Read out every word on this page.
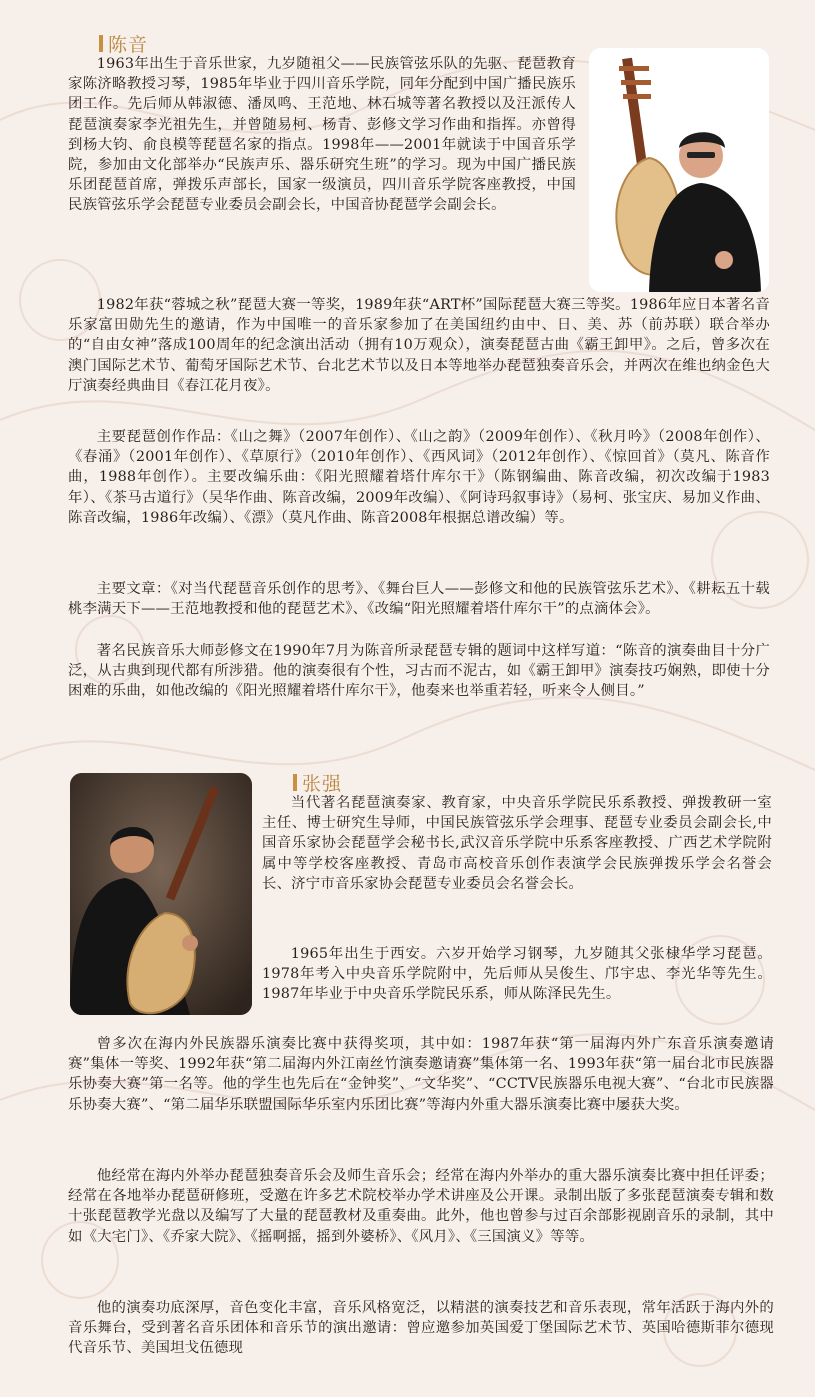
陈音

1963年出生于音乐世家，九岁随祖父——民族管弦乐队的先驱、琵琶教育家陈济略教授习琴，1985年毕业于四川音乐学院，同年分配到中国广播民族乐团工作。先后师从韩淑德、潘凤鸣、王范地、林石城等著名教授以及汪派传人琵琶演奏家李光祖先生，并曾随易柯、杨青、彭修文学习作曲和指挥。亦曾得到杨大钧、俞良模等琵琶名家的指点。1998年——2001年就读于中国音乐学院，参加由文化部举办“民族声乐、器乐研究生班”的学习。现为中国广播民族乐团琵琶首席，弹拨乐声部长，国家一级演员，四川音乐学院客座教授，中国民族管弦乐学会琵琶专业委员会副会长，中国音协琵琶学会副会长。

1982年获“蓉城之秋”琵琶大赛一等奖，1989年获“ART杯”国际琵琶大赛三等奖。1986年应日本著名音乐家富田勋先生的邀请，作为中国唯一的音乐家参加了在美国纽约由中、日、美、苏（前苏联）联合举办的“自由女神”落成100周年的纪念演出活动（拥有10万观众），演奏琵琶古曲《霸王卸甲》。之后，曾多次在澳门国际艺术节、葡萄牙国际艺术节、台北艺术节以及日本等地举办琵琶独奏音乐会，并两次在维也纳金色大厅演奏经典曲目《春江花月夜》。

主要琵琶创作作品：《山之舞》（2007年创作）、《山之韵》（2009年创作）、《秋月吟》（2008年创作）、《春涌》（2001年创作）、《草原行》（2010年创作）、《西风词》（2012年创作）、《惊回首》（莫凡、陈音作曲，1988年创作）。主要改编乐曲：《阳光照耀着塔什库尔干》（陈钢编曲、陈音改编，初次改编于1983年）、《茶马古道行》（吴华作曲、陈音改编，2009年改编）、《阿诗玛叙事诗》（易柯、张宝庆、易加义作曲、陈音改编，1986年改编）、《漂》（莫凡作曲、陈音2008年根据总谱改编）等。

主要文章：《对当代琵琶音乐创作的思考》、《舞台巨人——彭修文和他的民族管弦乐艺术》、《耕耘五十载桃李满天下——王范地教授和他的琵琶艺术》、《改编“阳光照耀着塔什库尔干”的点滴体会》。

著名民族音乐大师彭修文在1990年7月为陈音所录琵琶专辑的题词中这样写道：“陈音的演奏曲目十分广泛，从古典到现代都有所涉猎。他的演奏很有个性，习古而不泥古，如《霸王卸甲》演奏技巧娴熟，即使十分困难的乐曲，如他改编的《阳光照耀着塔什库尔干》，他奏来也举重若轻，听来令人侧目。”

张强

当代著名琵琶演奏家、教育家，中央音乐学院民乐系教授、弹拨教研一室主任、博士研究生导师，中国民族管弦乐学会理事、琵琶专业委员会副会长,中国音乐家协会琵琶学会秘书长,武汉音乐学院中乐系客座教授、广西艺术学院附属中等学校客座教授、青岛市高校音乐创作表演学会民族弹拨乐学会名誉会长、济宁市音乐家协会琵琶专业委员会名誉会长。

1965年出生于西安。六岁开始学习钢琴，九岁随其父张棣华学习琵琶。1978年考入中央音乐学院附中，先后师从吴俊生、邝宇忠、李光华等先生。1987年毕业于中央音乐学院民乐系，师从陈泽民先生。

曾多次在海内外民族器乐演奏比赛中获得奖项，其中如：1987年获“第一届海内外广东音乐演奏邀请赛”集体一等奖、1992年获“第二届海内外江南丝竹演奏邀请赛”集体第一名、1993年获“第一届台北市民族器乐协奏大赛”第一名等。他的学生也先后在“金钟奖”、“文华奖”、“CCTV民族器乐电视大赛”、“台北市民族器乐协奏大赛”、“第二届华乐联盟国际华乐室内乐团比赛”等海内外重大器乐演奏比赛中屡获大奖。

他经常在海内外举办琵琶独奏音乐会及师生音乐会；经常在海内外举办的重大器乐演奏比赛中担任评委；经常在各地举办琵琶研修班，受邀在许多艺术院校举办学术讲座及公开课。录制出版了多张琵琶演奏专辑和数十张琵琶教学光盘以及编写了大量的琵琶教材及重奏曲。此外，他也曾参与过百余部影视剧音乐的录制，其中如《大宅门》、《乔家大院》、《摇啊摇，摇到外婆桥》、《风月》、《三国演义》等等。

他的演奏功底深厚，音色变化丰富，音乐风格宽泛，以精湛的演奏技艺和音乐表现，常年活跃于海内外的音乐舞台，受到著名音乐团体和音乐节的演出邀请：曾应邀参加英国爱丁堡国际艺术节、英国哈德斯菲尔德现代音乐节、美国坦戈伍德现
